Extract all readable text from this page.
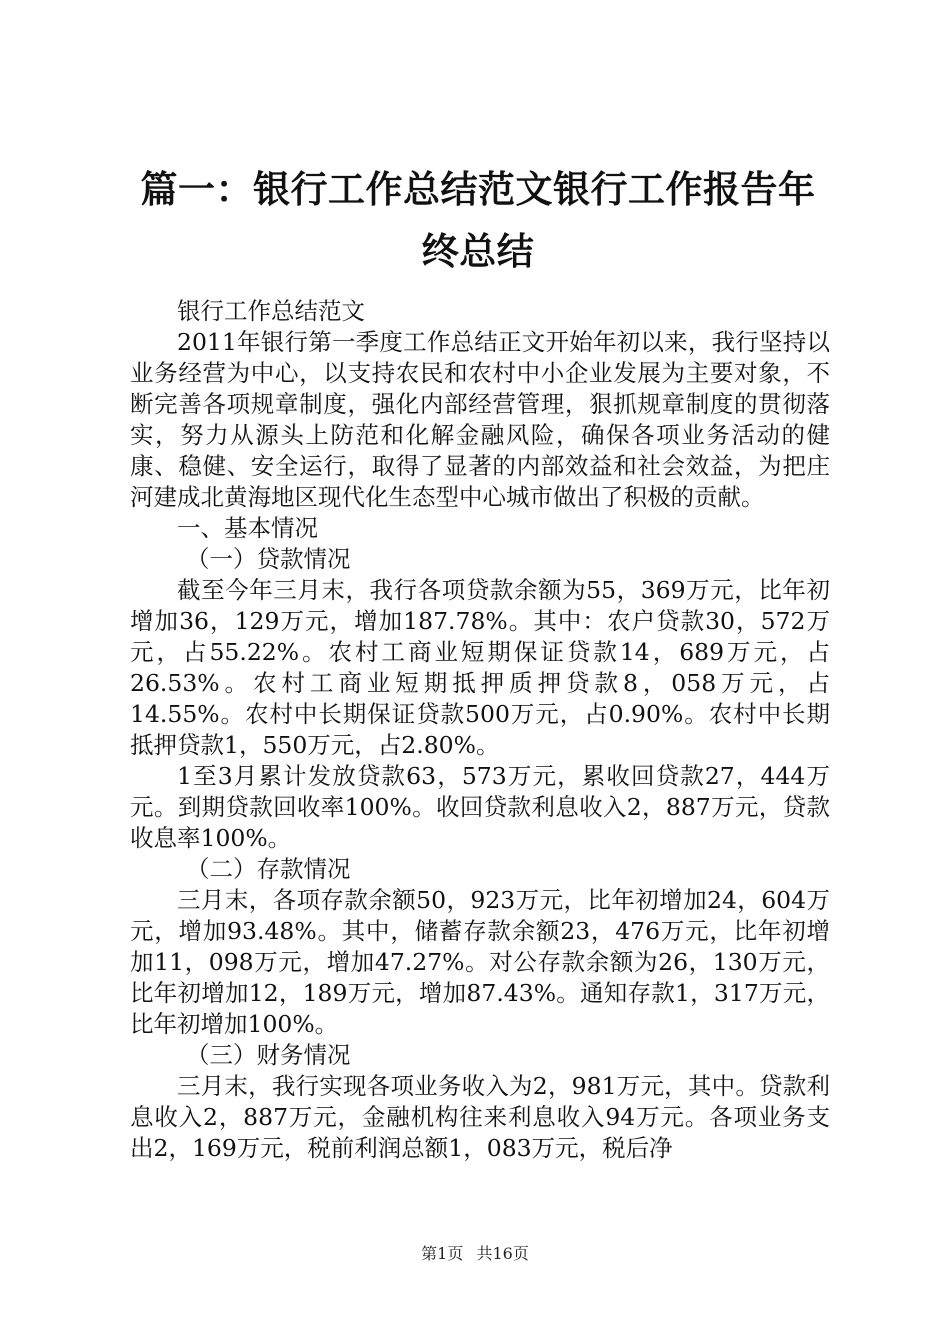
篇一：银行工作总结范文银行工作报告年终总结

银行工作总结范文

2011年银行第一季度工作总结正文开始年初以来，我行坚持以业务经营为中心，以支持农民和农村中小企业发展为主要对象，不断完善各项规章制度，强化内部经营管理，狠抓规章制度的贯彻落实，努力从源头上防范和化解金融风险，确保各项业务活动的健康、稳健、安全运行，取得了显著的内部效益和社会效益，为把庄河建成北黄海地区现代化生态型中心城市做出了积极的贡献。

一、基本情况

（一）贷款情况

截至今年三月末，我行各项贷款余额为55，369万元，比年初增加36，129万元，增加187.78%。其中：农户贷款30，572万元，占55.22%。农村工商业短期保证贷款14，689万元，占26.53%。农村工商业短期抵押质押贷款8，058万元，占14.55%。农村中长期保证贷款500万元，占0.90%。农村中长期抵押贷款1，550万元，占2.80%。

1至3月累计发放贷款63，573万元，累收回贷款27，444万元。到期贷款回收率100%。收回贷款利息收入2，887万元，贷款收息率100%。

（二）存款情况

三月末，各项存款余额50，923万元，比年初增加24，604万元，增加93.48%。其中，储蓄存款余额23，476万元，比年初增加11，098万元，增加47.27%。对公存款余额为26，130万元，比年初增加12，189万元，增加87.43%。通知存款1，317万元，比年初增加100%。

（三）财务情况

三月末，我行实现各项业务收入为2，981万元，其中。贷款利息收入2，887万元，金融机构往来利息收入94万元。各项业务支出2，169万元，税前利润总额1，083万元，税后净

第1页 共16页
